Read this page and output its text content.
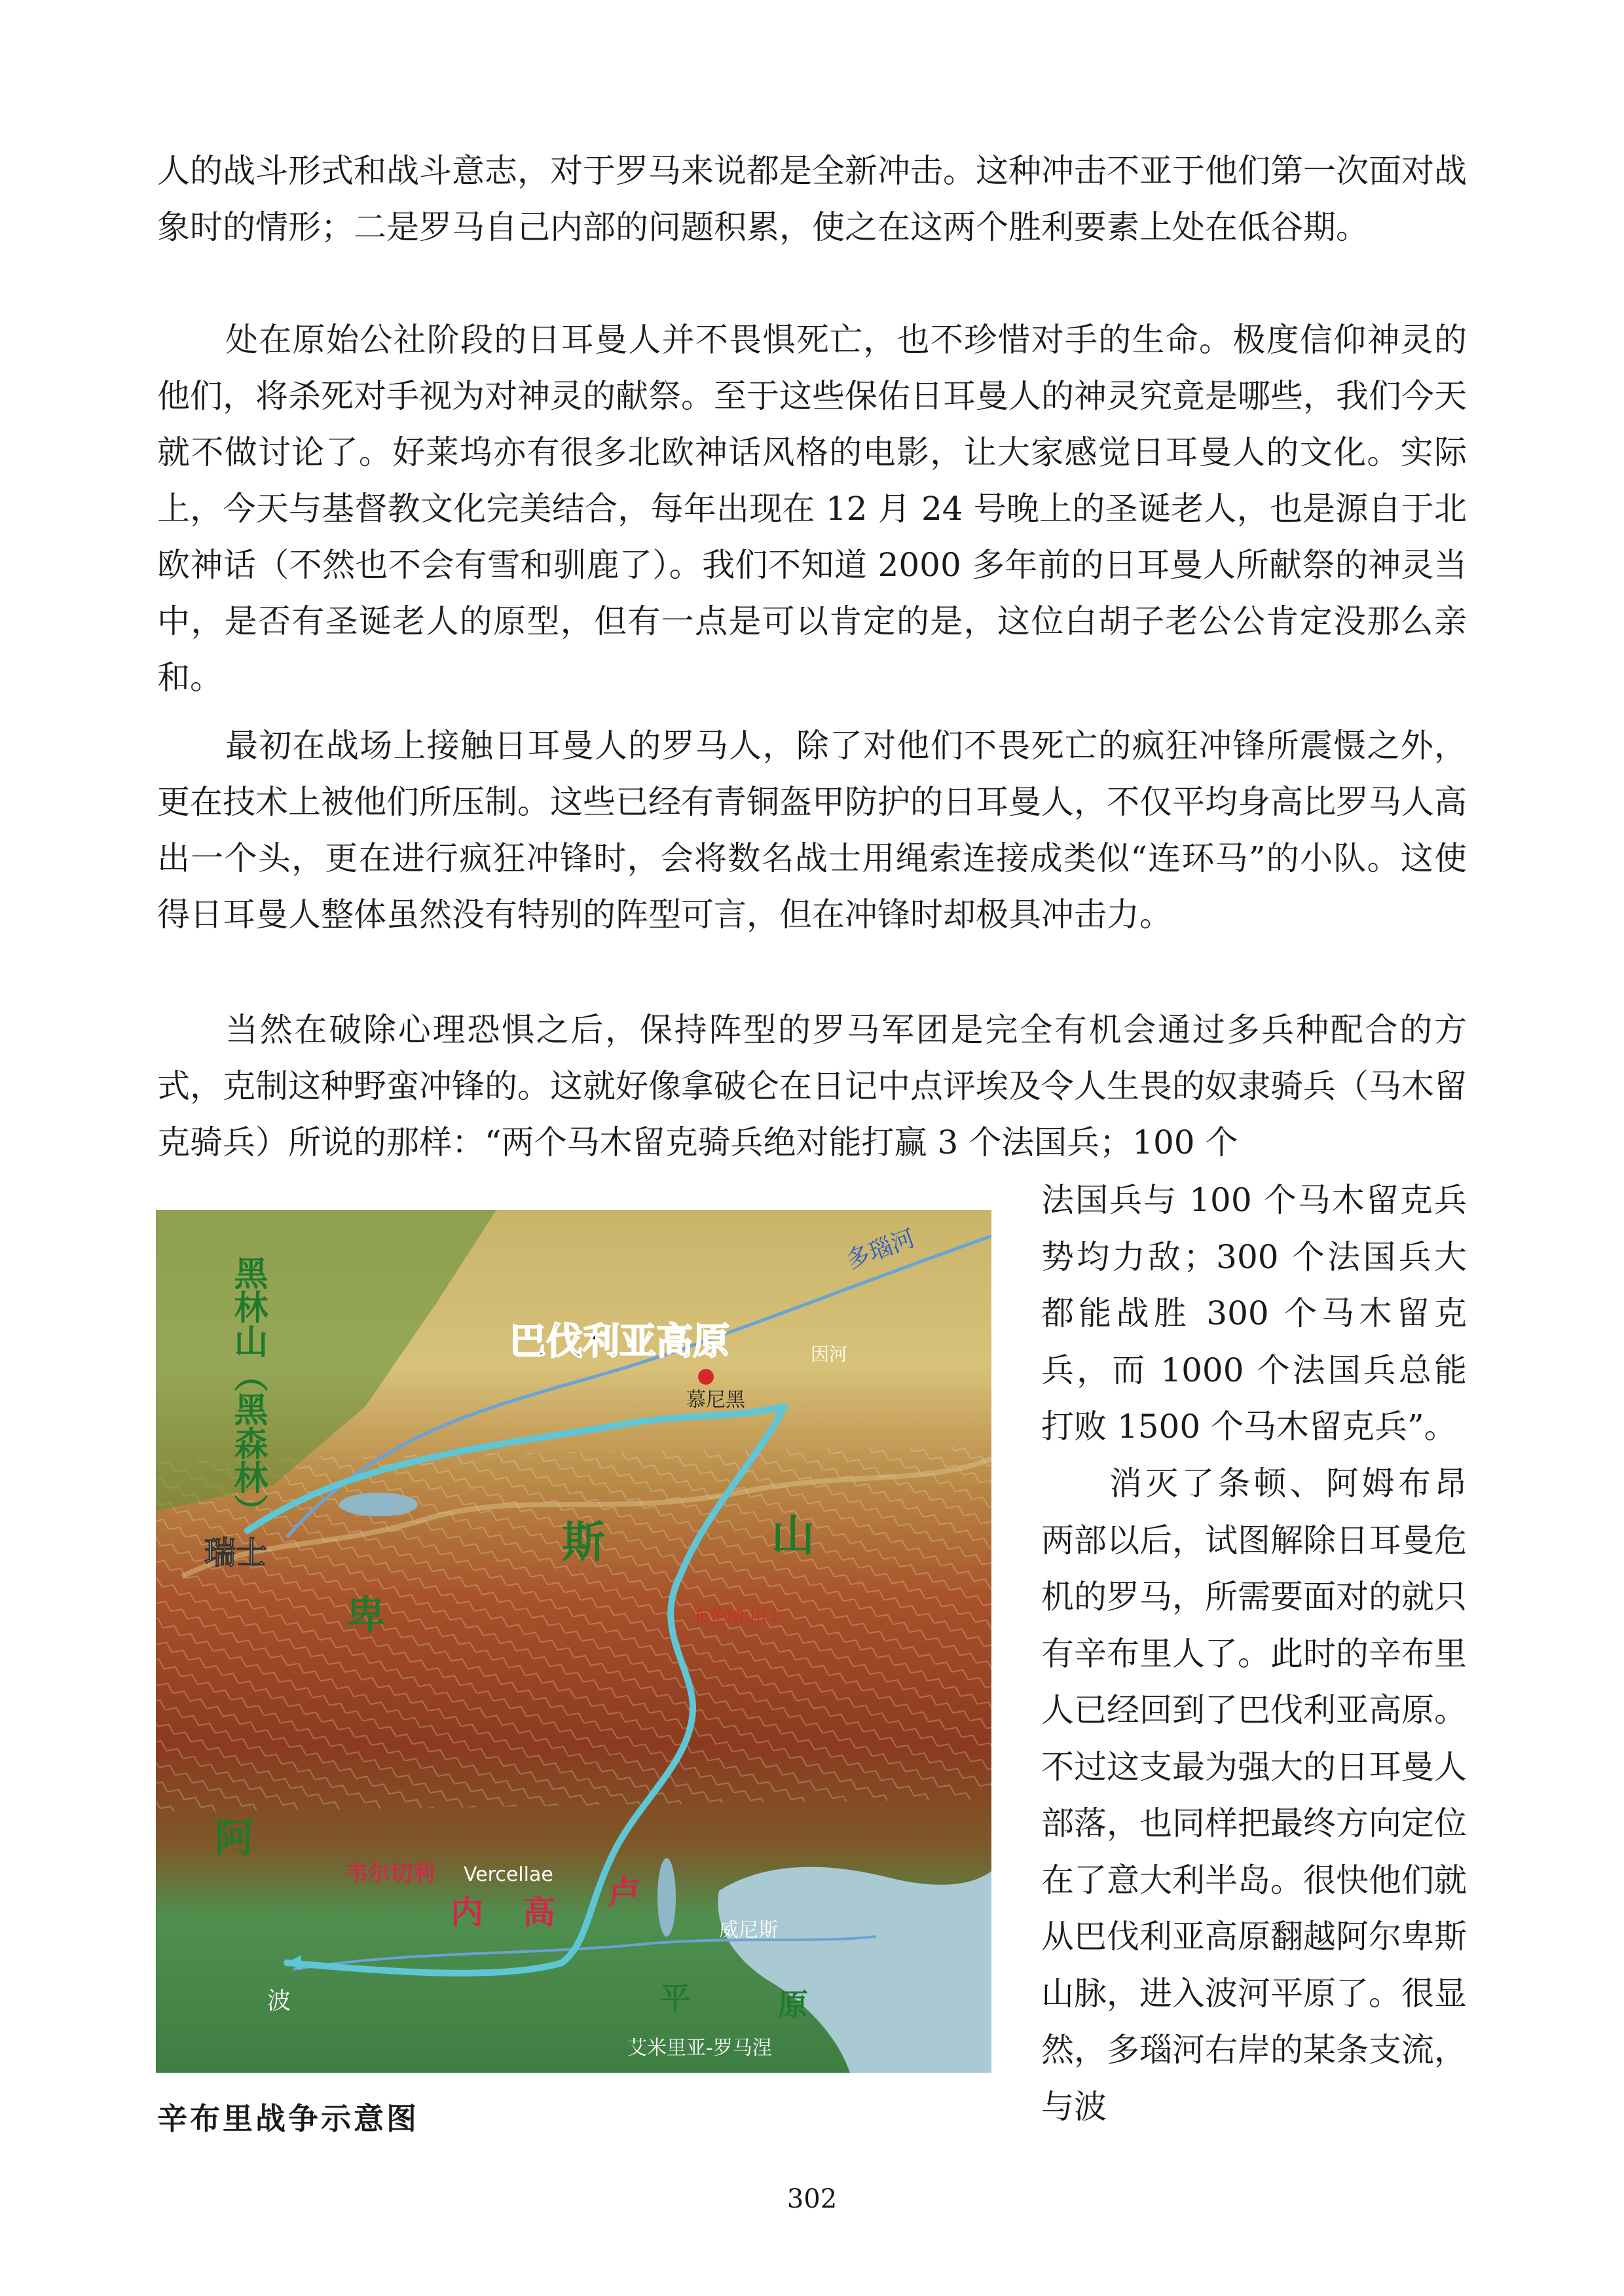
人的战斗形式和战斗意志，对于罗马来说都是全新冲击。这种冲击不亚于他们第一次面对战象时的情形；二是罗马自己内部的问题积累，使之在这两个胜利要素上处在低谷期。

处在原始公社阶段的日耳曼人并不畏惧死亡，也不珍惜对手的生命。极度信仰神灵的他们，将杀死对手视为对神灵的献祭。至于这些保佑日耳曼人的神灵究竟是哪些，我们今天就不做讨论了。好莱坞亦有很多北欧神话风格的电影，让大家感觉日耳曼人的文化。实际上，今天与基督教文化完美结合，每年出现在 12 月 24 号晚上的圣诞老人，也是源自于北欧神话（不然也不会有雪和驯鹿了）。我们不知道 2000 多年前的日耳曼人所献祭的神灵当中，是否有圣诞老人的原型，但有一点是可以肯定的是，这位白胡子老公公肯定没那么亲和。

最初在战场上接触日耳曼人的罗马人，除了对他们不畏死亡的疯狂冲锋所震慑之外，更在技术上被他们所压制。这些已经有青铜盔甲防护的日耳曼人，不仅平均身高比罗马人高出一个头，更在进行疯狂冲锋时，会将数名战士用绳索连接成类似“连环马”的小队。这使得日耳曼人整体虽然没有特别的阵型可言，但在冲锋时却极具冲击力。

当然在破除心理恐惧之后，保持阵型的罗马军团是完全有机会通过多兵种配合的方式，克制这种野蛮冲锋的。这就好像拿破仑在日记中点评埃及令人生畏的奴隶骑兵（马木留克骑兵）所说的那样：“两个马木留克骑兵绝对能打赢 3 个法国兵；100 个

巴伐利亚高原
多瑙河
黑林山（黑森林）
瑞士
阿
卑
斯	山
慕尼黑
布伦纳山口
韦尔切利 Vercellae
威尼斯
艾米里亚-罗马涅
内 高
卢
平	原
波
因河

法国兵与 100 个马木留克兵势均力敌；300 个法国兵大都能战胜 300 个马木留克兵，而 1000 个法国兵总能打败 1500 个马木留克兵”。

消灭了条顿、阿姆布昂两部以后，试图解除日耳曼危机的罗马，所需要面对的就只有辛布里人了。此时的辛布里人已经回到了巴伐利亚高原。不过这支最为强大的日耳曼人部落，也同样把最终方向定位在了意大利半岛。很快他们就从巴伐利亚高原翻越阿尔卑斯山脉，进入波河平原了。很显然，多瑙河右岸的某条支流，与波

辛布里战争示意图
302
